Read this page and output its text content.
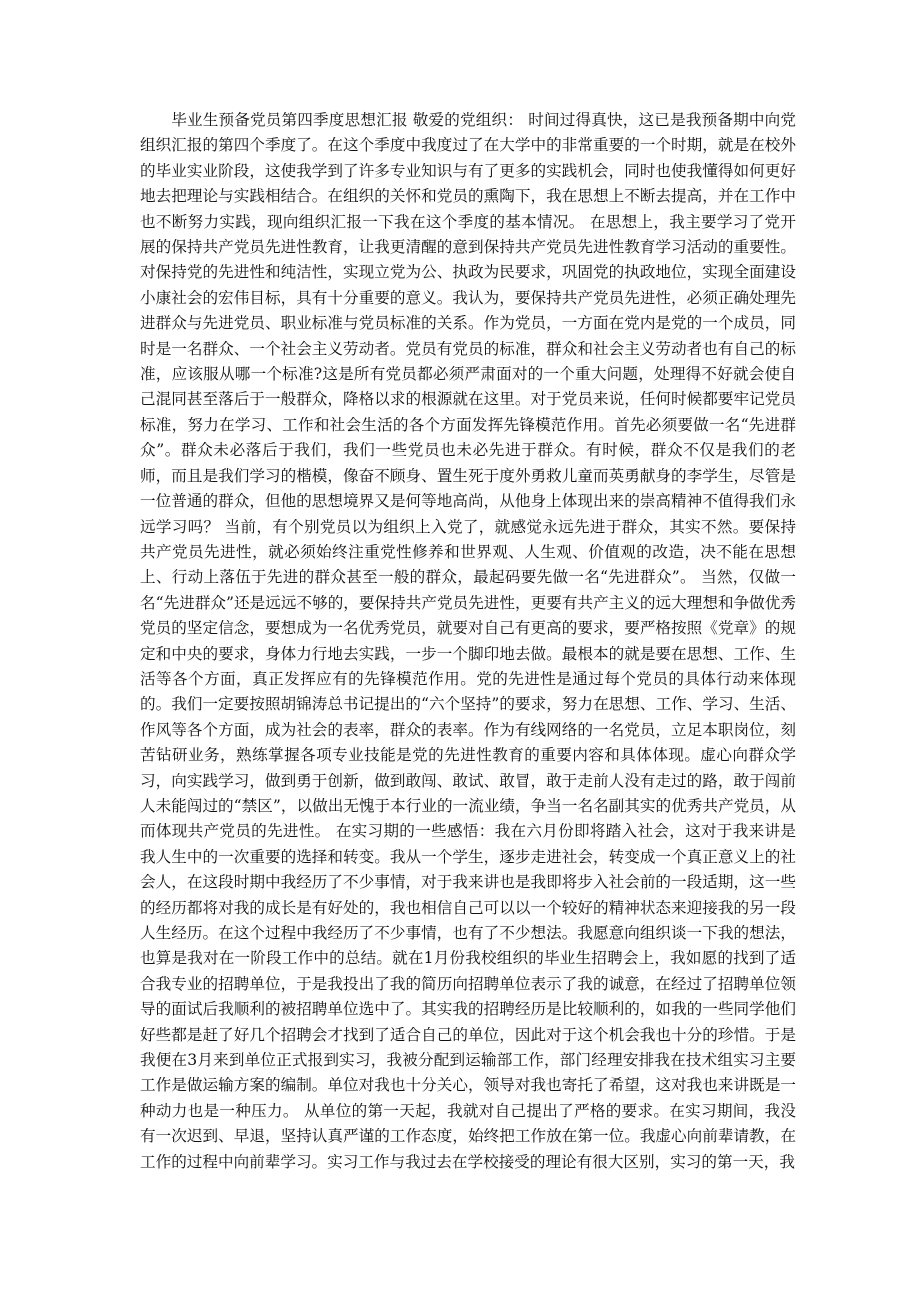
毕业生预备党员第四季度思想汇报 敬爱的党组织： 时间过得真快，这已是我预备期中向党组织汇报的第四个季度了。在这个季度中我度过了在大学中的非常重要的一个时期，就是在校外的毕业实业阶段，这使我学到了许多专业知识与有了更多的实践机会，同时也使我懂得如何更好地去把理论与实践相结合。在组织的关怀和党员的熏陶下，我在思想上不断去提高，并在工作中也不断努力实践，现向组织汇报一下我在这个季度的基本情况。 在思想上，我主要学习了党开展的保持共产党员先进性教育，让我更清醒的意到保持共产党员先进性教育学习活动的重要性。对保持党的先进性和纯洁性，实现立党为公、执政为民要求，巩固党的执政地位，实现全面建设小康社会的宏伟目标，具有十分重要的意义。我认为，要保持共产党员先进性，必须正确处理先进群众与先进党员、职业标准与党员标准的关系。作为党员，一方面在党内是党的一个成员，同时是一名群众、一个社会主义劳动者。党员有党员的标准，群众和社会主义劳动者也有自己的标准，应该服从哪一个标准?这是所有党员都必须严肃面对的一个重大问题，处理得不好就会使自己混同甚至落后于一般群众，降格以求的根源就在这里。对于党员来说，任何时候都要牢记党员标准，努力在学习、工作和社会生活的各个方面发挥先锋模范作用。首先必须要做一名“先进群众”。群众未必落后于我们，我们一些党员也未必先进于群众。有时候，群众不仅是我们的老师，而且是我们学习的楷模，像奋不顾身、置生死于度外勇救儿童而英勇献身的李学生，尽管是一位普通的群众，但他的思想境界又是何等地高尚，从他身上体现出来的崇高精神不值得我们永远学习吗？ 当前，有个别党员以为组织上入党了，就感觉永远先进于群众，其实不然。要保持共产党员先进性，就必须始终注重党性修养和世界观、人生观、价值观的改造，决不能在思想上、行动上落伍于先进的群众甚至一般的群众，最起码要先做一名“先进群众”。 当然，仅做一名“先进群众”还是远远不够的，要保持共产党员先进性，更要有共产主义的远大理想和争做优秀党员的坚定信念，要想成为一名优秀党员，就要对自己有更高的要求，要严格按照《党章》的规定和中央的要求，身体力行地去实践，一步一个脚印地去做。最根本的就是要在思想、工作、生活等各个方面，真正发挥应有的先锋模范作用。党的先进性是通过每个党员的具体行动来体现的。我们一定要按照胡锦涛总书记提出的“六个坚持”的要求，努力在思想、工作、学习、生活、作风等各个方面，成为社会的表率，群众的表率。作为有线网络的一名党员，立足本职岗位，刻苦钻研业务，熟练掌握各项专业技能是党的先进性教育的重要内容和具体体现。虚心向群众学习，向实践学习，做到勇于创新，做到敢闯、敢试、敢冒，敢于走前人没有走过的路，敢于闯前人未能闯过的“禁区”，以做出无愧于本行业的一流业绩，争当一名名副其实的优秀共产党员，从而体现共产党员的先进性。 在实习期的一些感悟：我在六月份即将踏入社会，这对于我来讲是我人生中的一次重要的选择和转变。我从一个学生，逐步走进社会，转变成一个真正意义上的社会人，在这段时期中我经历了不少事情，对于我来讲也是我即将步入社会前的一段适期，这一些的经历都将对我的成长是有好处的，我也相信自己可以以一个较好的精神状态来迎接我的另一段人生经历。在这个过程中我经历了不少事情，也有了不少想法。我愿意向组织谈一下我的想法，也算是我对在一阶段工作中的总结。就在1月份我校组织的毕业生招聘会上，我如愿的找到了适合我专业的招聘单位，于是我投出了我的简历向招聘单位表示了我的诚意，在经过了招聘单位领导的面试后我顺利的被招聘单位选中了。其实我的招聘经历是比较顺利的，如我的一些同学他们好些都是赶了好几个招聘会才找到了适合自己的单位，因此对于这个机会我也十分的珍惜。于是我便在3月来到单位正式报到实习，我被分配到运输部工作，部门经理安排我在技术组实习主要工作是做运输方案的编制。单位对我也十分关心，领导对我也寄托了希望，这对我也来讲既是一种动力也是一种压力。 从单位的第一天起，我就对自己提出了严格的要求。在实习期间，我没有一次迟到、早退，坚持认真严谨的工作态度，始终把工作放在第一位。我虚心向前辈请教，在工作的过程中向前辈学习。实习工作与我过去在学校接受的理论有很大区别，实习的第一天，我
